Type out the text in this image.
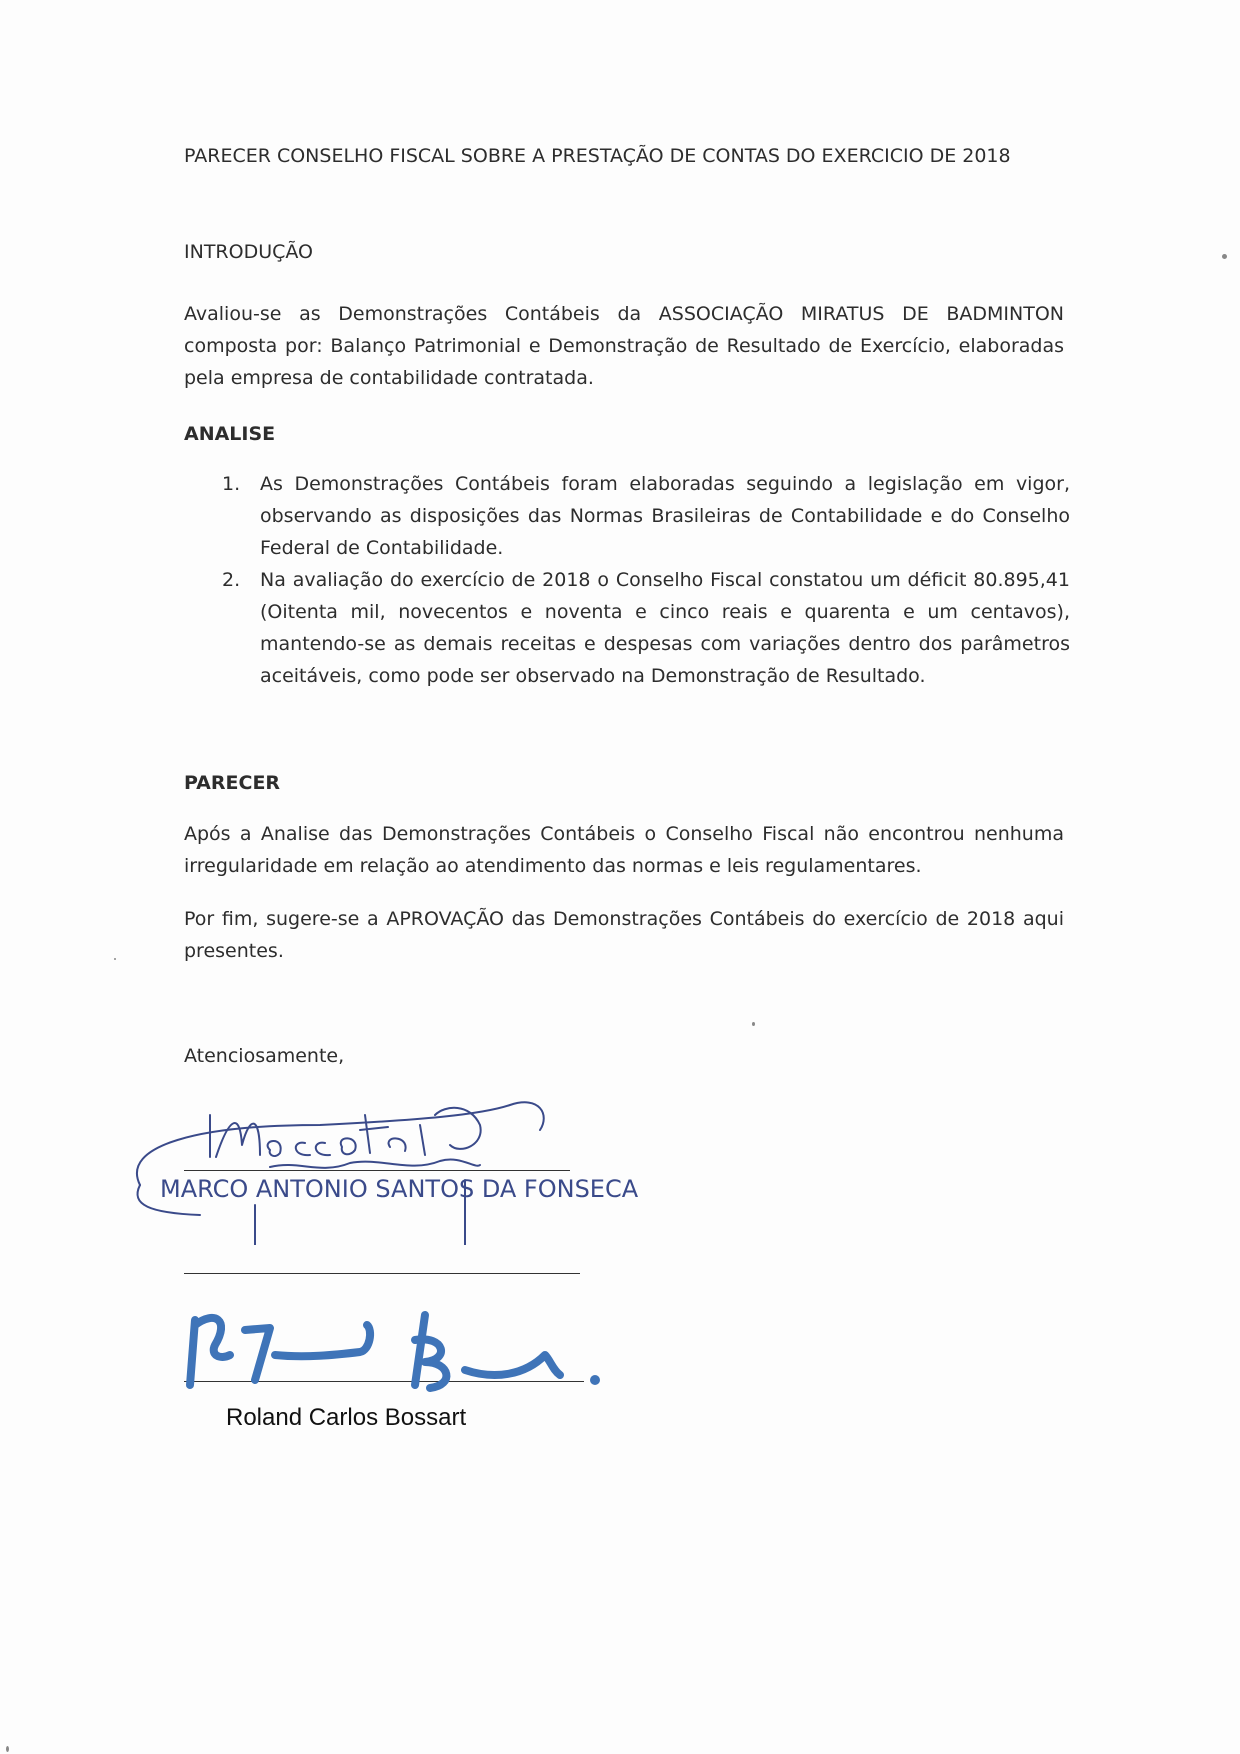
PARECER CONSELHO FISCAL SOBRE A PRESTAÇÃO DE CONTAS DO EXERCICIO DE 2018
INTRODUÇÃO
Avaliou-se as Demonstrações Contábeis da ASSOCIAÇÃO MIRATUS DE BADMINTON composta por: Balanço Patrimonial e Demonstração de Resultado de Exercício, elaboradas pela empresa de contabilidade contratada.
ANALISE
1. As Demonstrações Contábeis foram elaboradas seguindo a legislação em vigor, observando as disposições das Normas Brasileiras de Contabilidade e do Conselho Federal de Contabilidade.
2. Na avaliação do exercício de 2018 o Conselho Fiscal constatou um déficit 80.895,41 (Oitenta mil, novecentos e noventa e cinco reais e quarenta e um centavos), mantendo-se as demais receitas e despesas com variações dentro dos parâmetros aceitáveis, como pode ser observado na Demonstração de Resultado.
PARECER
Após a Analise das Demonstrações Contábeis o Conselho Fiscal não encontrou nenhuma irregularidade em relação ao atendimento das normas e leis regulamentares.
Por fim, sugere-se a APROVAÇÃO das Demonstrações Contábeis do exercício de 2018 aqui presentes.
Atenciosamente,
MARCO ANTONIO SANTOS DA FONSECA
Roland Carlos Bossart
